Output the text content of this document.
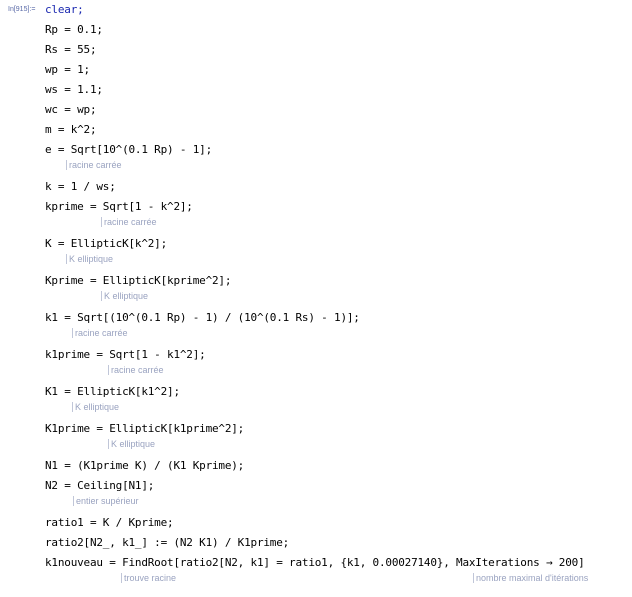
In[915]:= clear;
Rp = 0.1;
Rs = 55;
wp = 1;
ws = 1.1;
wc = wp;
m = k^2;
e = Sqrt[10^(0.1 Rp) - 1];
racine carrée
k = 1 / ws;
kprime = Sqrt[1 - k^2];
racine carrée
K = EllipticK[k^2];
K elliptique
Kprime = EllipticK[kprime^2];
K elliptique
k1 = Sqrt[(10^(0.1 Rp) - 1) / (10^(0.1 Rs) - 1)];
racine carrée
k1prime = Sqrt[1 - k1^2];
racine carrée
K1 = EllipticK[k1^2];
K elliptique
K1prime = EllipticK[k1prime^2];
K elliptique
N1 = (K1prime K) / (K1 Kprime);
N2 = Ceiling[N1];
entier supérieur
ratio1 = K / Kprime;
ratio2[N2_, k1_] := (N2 K1) / K1prime;
k1nouveau = FindRoot[ratio2[N2, k1] = ratio1, {k1, 0.00027140}, MaxIterations → 200]
trouve racine	nombre maximal d'itérations
